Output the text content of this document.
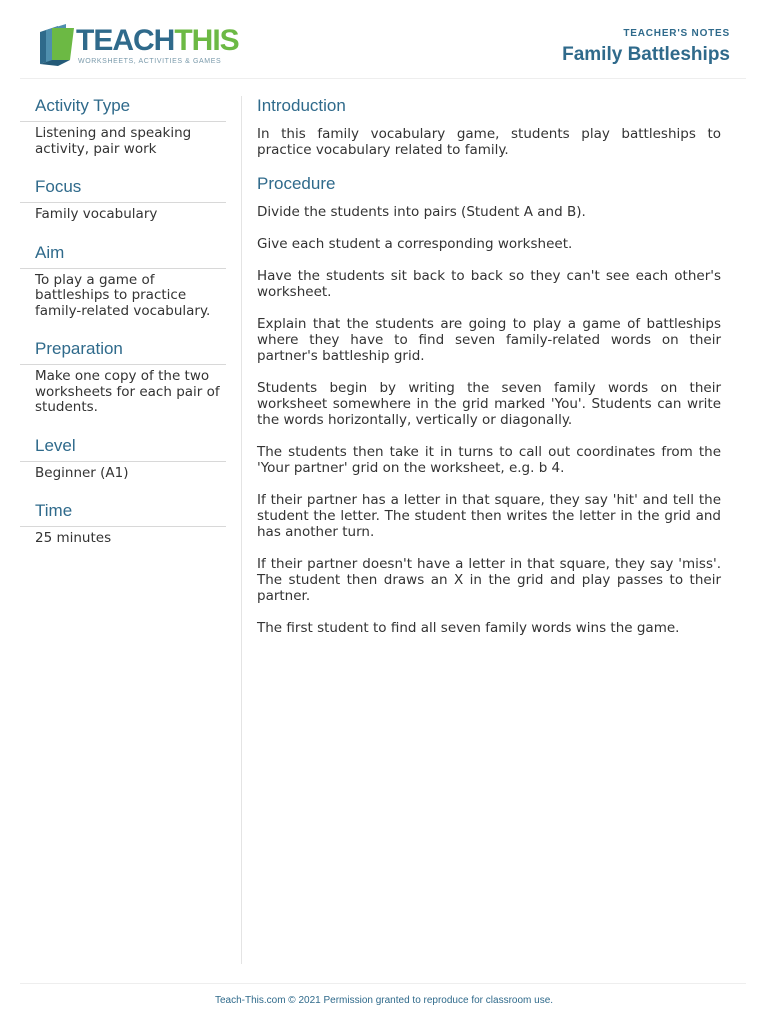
TEACHTHIS
WORKSHEETS, ACTIVITIES & GAMES
TEACHER'S NOTES
Family Battleships
Activity Type
Listening and speaking activity, pair work
Focus
Family vocabulary
Aim
To play a game of battleships to practice family-related vocabulary.
Preparation
Make one copy of the two worksheets for each pair of students.
Level
Beginner (A1)
Time
25 minutes
Introduction

In this family vocabulary game, students play battleships to practice vocabulary related to family.

Procedure

Divide the students into pairs (Student A and B).

Give each student a corresponding worksheet.

Have the students sit back to back so they can't see each other's worksheet.

Explain that the students are going to play a game of battleships where they have to find seven family-related words on their partner's battleship grid.

Students begin by writing the seven family words on their worksheet somewhere in the grid marked 'You'. Students can write the words horizontally, vertically or diagonally.

The students then take it in turns to call out coordinates from the 'Your partner' grid on the worksheet, e.g. b 4.

If their partner has a letter in that square, they say 'hit' and tell the student the letter. The student then writes the letter in the grid and has another turn.

If their partner doesn't have a letter in that square, they say 'miss'. The student then draws an X in the grid and play passes to their partner.

The first student to find all seven family words wins the game.

Teach-This.com © 2021 Permission granted to reproduce for classroom use.
